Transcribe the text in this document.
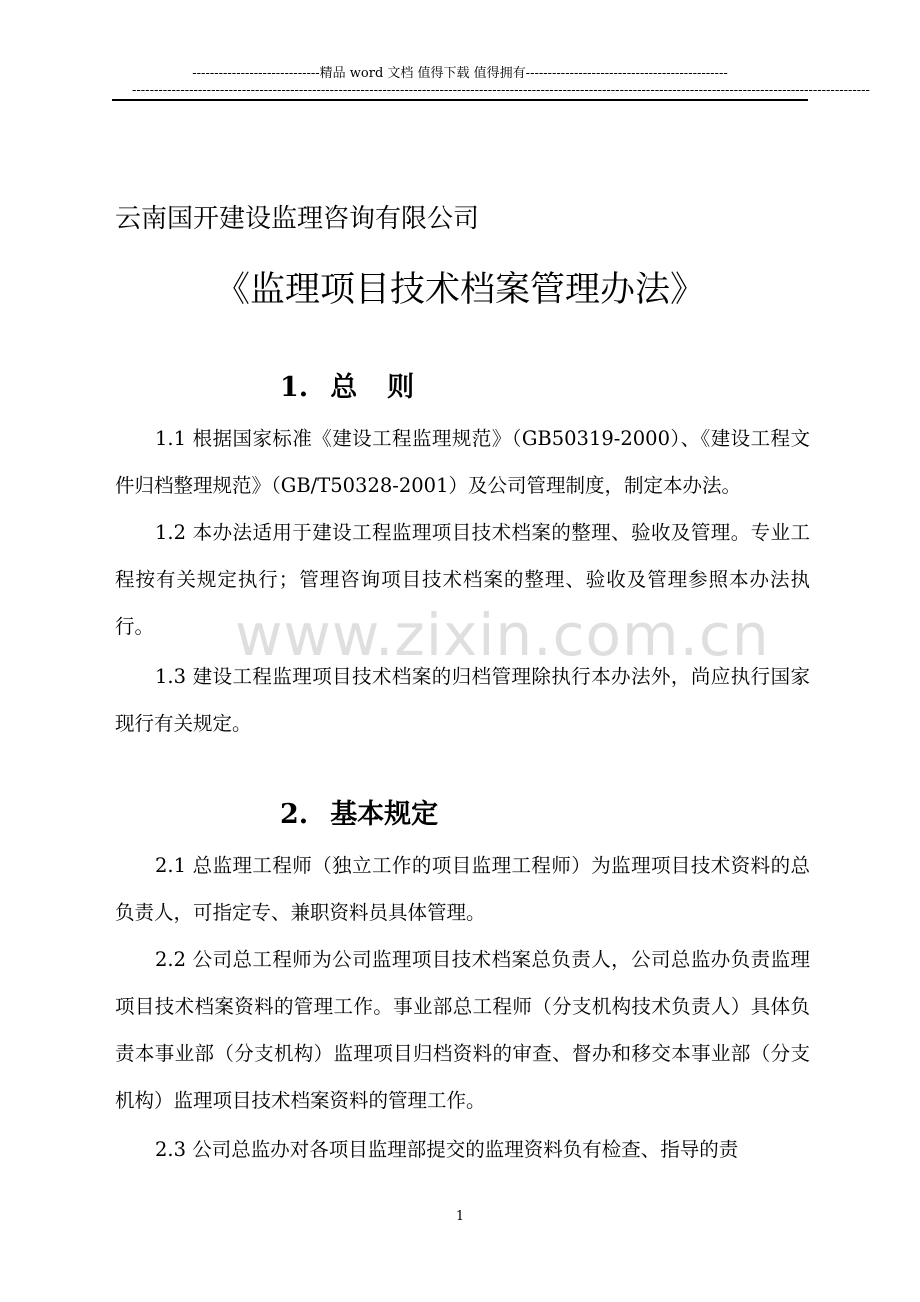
-----------------------------精品 word 文档 值得下载 值得拥有----------------------------------------------
------------------------------------------------------------------------------------------------------------------------------------------------------------------------
云南国开建设监理咨询有限公司
《监理项目技术档案管理办法》
1. 总则
1.1 根据国家标准《建设工程监理规范》（GB50319-2000）、《建设工程文件归档整理规范》（GB/T50328-2001）及公司管理制度，制定本办法。
1.2 本办法适用于建设工程监理项目技术档案的整理、验收及管理。专业工程按有关规定执行；管理咨询项目技术档案的整理、验收及管理参照本办法执行。
1.3 建设工程监理项目技术档案的归档管理除执行本办法外，尚应执行国家现行有关规定。
2. 基本规定
2.1 总监理工程师（独立工作的项目监理工程师）为监理项目技术资料的总负责人，可指定专、兼职资料员具体管理。
2.2 公司总工程师为公司监理项目技术档案总负责人，公司总监办负责监理项目技术档案资料的管理工作。事业部总工程师（分支机构技术负责人）具体负责本事业部（分支机构）监理项目归档资料的审查、督办和移交本事业部（分支机构）监理项目技术档案资料的管理工作。
2.3 公司总监办对各项目监理部提交的监理资料负有检查、指导的责
www.zixin.com.cn
1
